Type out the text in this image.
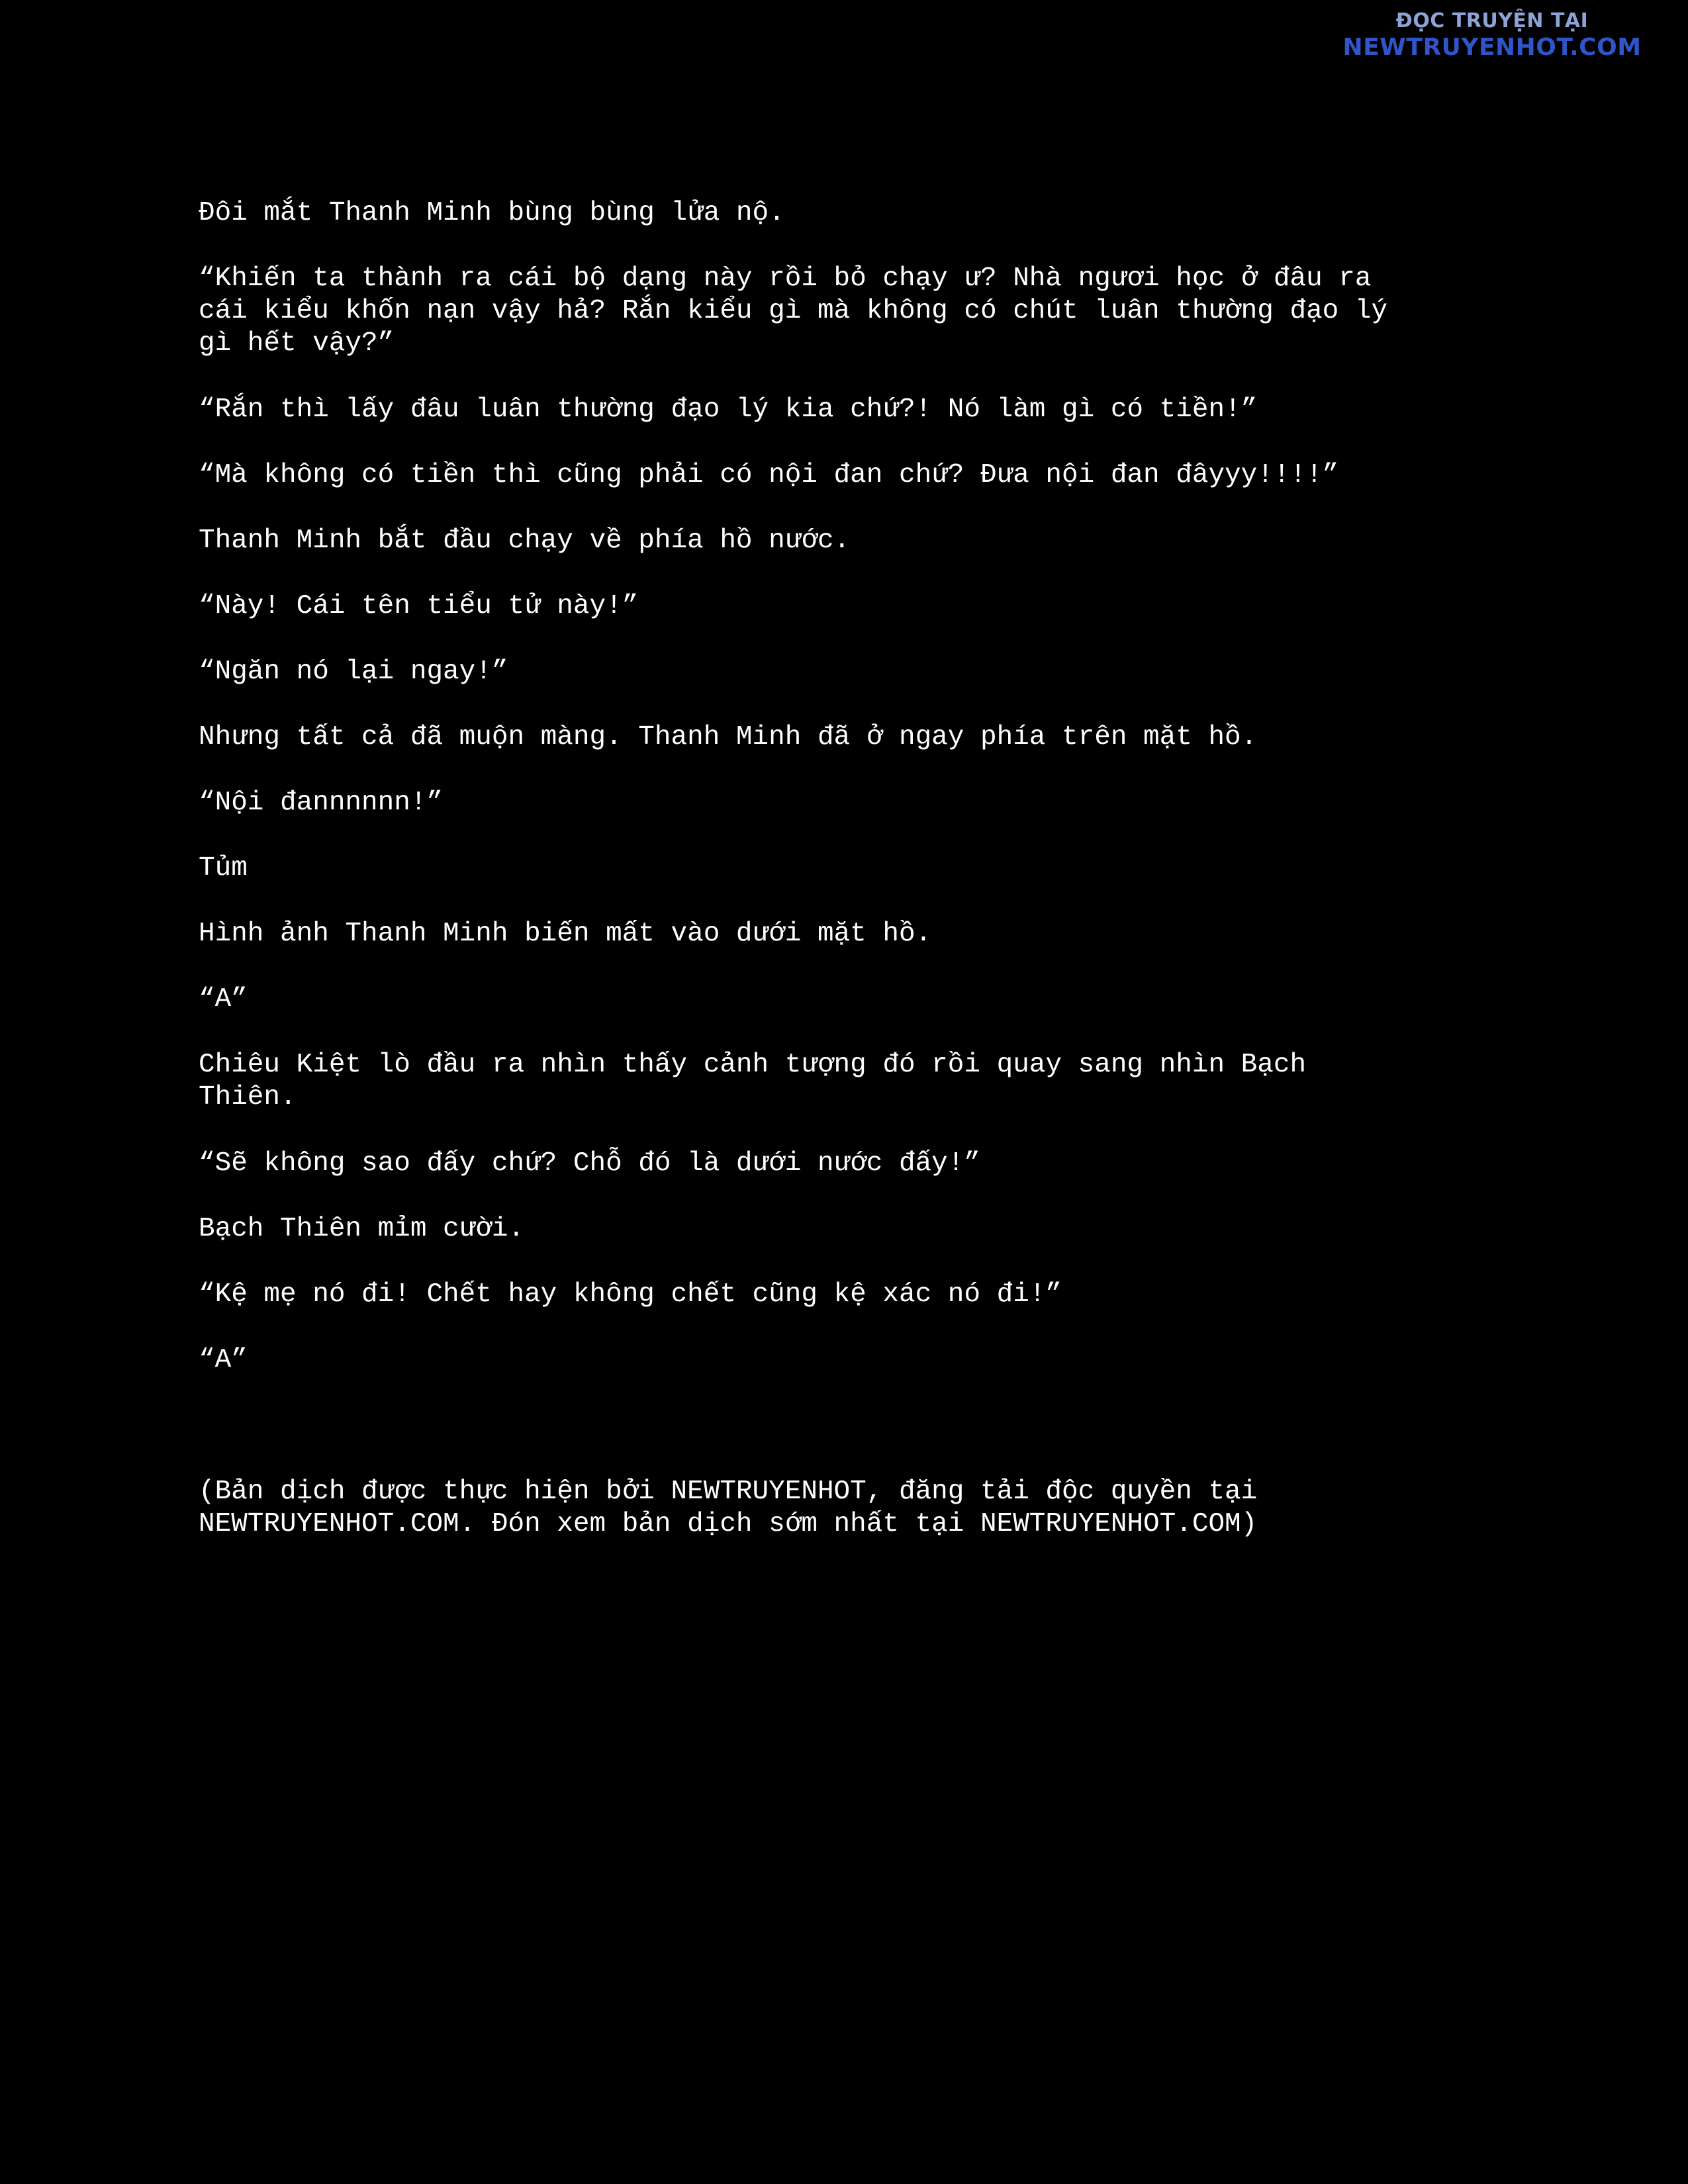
ĐỌC TRUYỆN TẠI
NEWTRUYENHOT.COM

Đôi mắt Thanh Minh bùng bùng lửa nộ.

“Khiến ta thành ra cái bộ dạng này rồi bỏ chạy ư? Nhà ngươi học ở đâu ra
cái kiểu khốn nạn vậy hả? Rắn kiểu gì mà không có chút luân thường đạo lý
gì hết vậy?”

“Rắn thì lấy đâu luân thường đạo lý kia chứ?! Nó làm gì có tiền!”

“Mà không có tiền thì cũng phải có nội đan chứ? Đưa nội đan đâyyy!!!!”

Thanh Minh bắt đầu chạy về phía hồ nước.

“Này! Cái tên tiểu tử này!”

“Ngăn nó lại ngay!”

Nhưng tất cả đã muộn màng. Thanh Minh đã ở ngay phía trên mặt hồ.

“Nội đannnnnn!”

Tủm

Hình ảnh Thanh Minh biến mất vào dưới mặt hồ.

“A”

Chiêu Kiệt lò đầu ra nhìn thấy cảnh tượng đó rồi quay sang nhìn Bạch
Thiên.

“Sẽ không sao đấy chứ? Chỗ đó là dưới nước đấy!”

Bạch Thiên mỉm cười.

“Kệ mẹ nó đi! Chết hay không chết cũng kệ xác nó đi!”

“A”

(Bản dịch được thực hiện bởi NEWTRUYENHOT, đăng tải độc quyền tại
NEWTRUYENHOT.COM. Đón xem bản dịch sớm nhất tại NEWTRUYENHOT.COM)
